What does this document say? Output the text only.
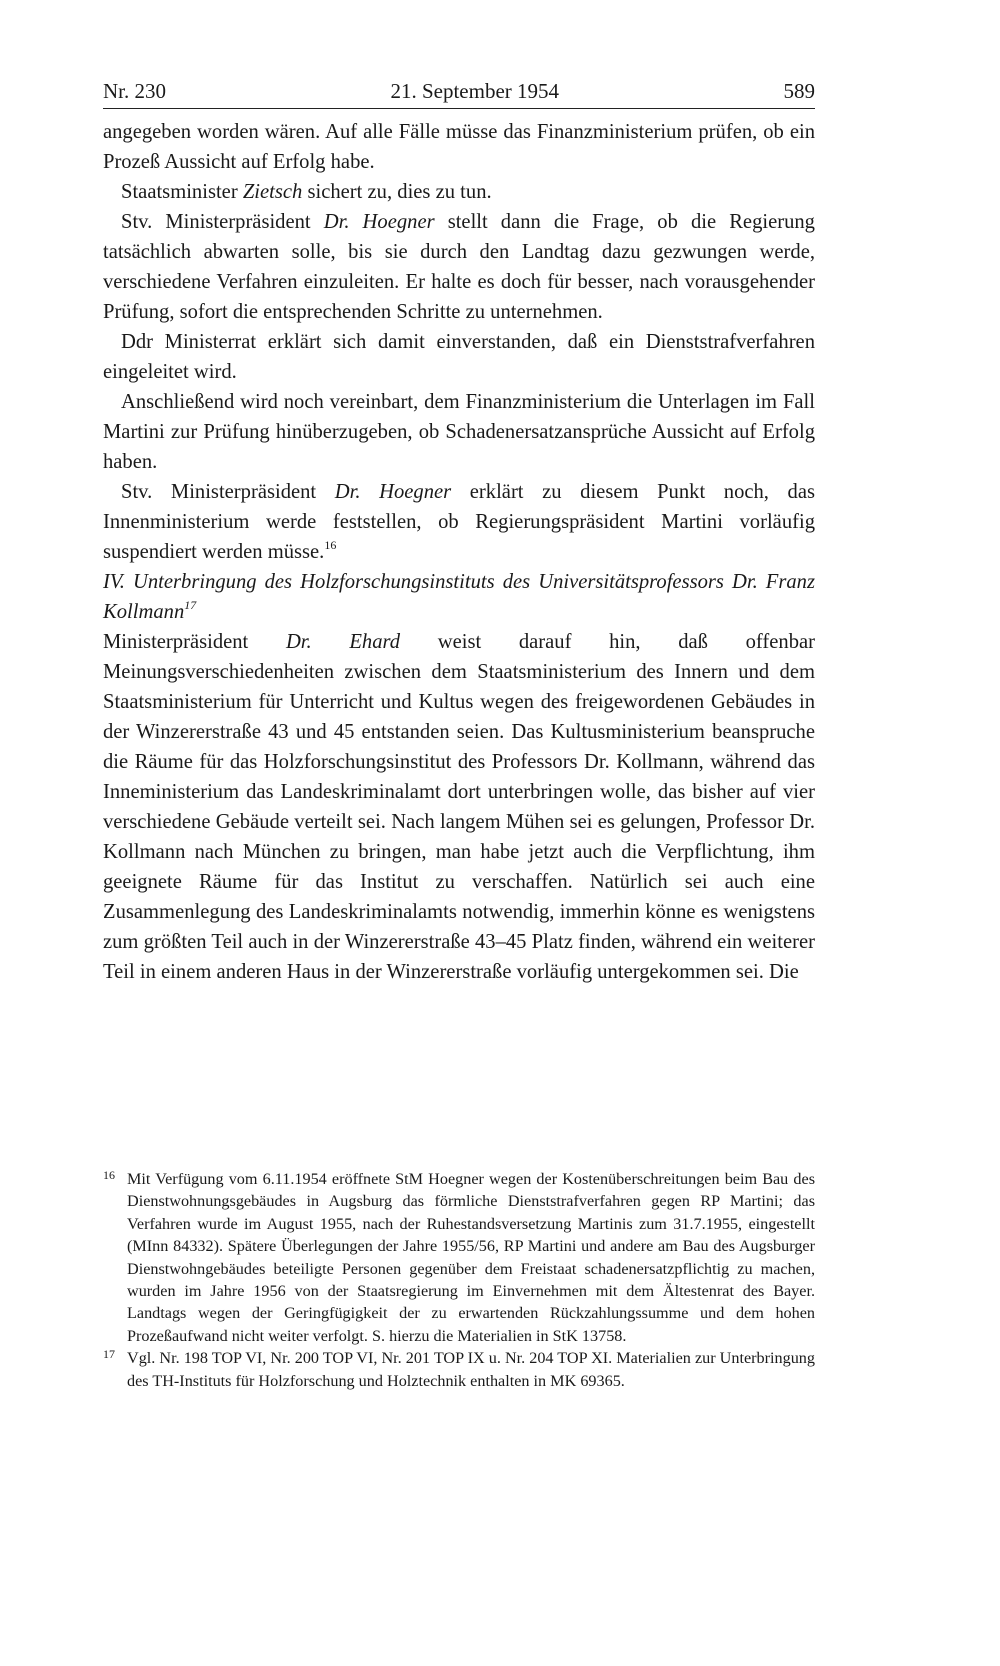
Nr. 230	21. September 1954	589

angegeben worden wären. Auf alle Fälle müsse das Finanzministerium prüfen, ob ein Prozeß Aussicht auf Erfolg habe.

Staatsminister Zietsch sichert zu, dies zu tun.

Stv. Ministerpräsident Dr. Hoegner stellt dann die Frage, ob die Regierung tatsächlich abwarten solle, bis sie durch den Landtag dazu gezwungen werde, verschiedene Verfahren einzuleiten. Er halte es doch für besser, nach vorausgehender Prüfung, sofort die entsprechenden Schritte zu unternehmen.

Ddr Ministerrat erklärt sich damit einverstanden, daß ein Dienststrafverfahren eingeleitet wird.

Anschließend wird noch vereinbart, dem Finanzministerium die Unterlagen im Fall Martini zur Prüfung hinüberzugeben, ob Schadenersatzansprüche Aussicht auf Erfolg haben.

Stv. Ministerpräsident Dr. Hoegner erklärt zu diesem Punkt noch, das Innenministerium werde feststellen, ob Regierungspräsident Martini vorläufig suspendiert werden müsse.$^{16}$

IV. Unterbringung des Holzforschungsinstituts des Universitätsprofessors Dr. Franz Kollmann$^{17}$

Ministerpräsident Dr. Ehard weist darauf hin, daß offenbar Meinungsverschiedenheiten zwischen dem Staatsministerium des Innern und dem Staatsministerium für Unterricht und Kultus wegen des freigewordenen Gebäudes in der Winzererstraße 43 und 45 entstanden seien. Das Kultusministerium beanspruche die Räume für das Holzforschungsinstitut des Professors Dr. Kollmann, während das Inneministerium das Landeskriminalamt dort unterbringen wolle, das bisher auf vier verschiedene Gebäude verteilt sei. Nach langem Mühen sei es gelungen, Professor Dr. Kollmann nach München zu bringen, man habe jetzt auch die Verpflichtung, ihm geeignete Räume für das Institut zu verschaffen. Natürlich sei auch eine Zusammenlegung des Landeskriminalamts notwendig, immerhin könne es wenigstens zum größten Teil auch in der Winzererstraße 43–45 Platz finden, während ein weiterer Teil in einem anderen Haus in der Winzererstraße vorläufig untergekommen sei. Die

16 Mit Verfügung vom 6.11.1954 eröffnete StM Hoegner wegen der Kostenüberschreitungen beim Bau des Dienstwohnungsgebäudes in Augsburg das förmliche Dienststrafverfahren gegen RP Martini; das Verfahren wurde im August 1955, nach der Ruhestandsversetzung Martinis zum 31.7.1955, eingestellt (MInn 84332). Spätere Überlegungen der Jahre 1955/56, RP Martini und andere am Bau des Augsburger Dienstwohngebäudes beteiligte Personen gegenüber dem Freistaat schadenersatzpflichtig zu machen, wurden im Jahre 1956 von der Staatsregierung im Einvernehmen mit dem Ältestenrat des Bayer. Landtags wegen der Geringfügigkeit der zu erwartenden Rückzahlungssumme und dem hohen Prozeßaufwand nicht weiter verfolgt. S. hierzu die Materialien in StK 13758.

17 Vgl. Nr. 198 TOP VI, Nr. 200 TOP VI, Nr. 201 TOP IX u. Nr. 204 TOP XI. Materialien zur Unterbringung des TH-Instituts für Holzforschung und Holztechnik enthalten in MK 69365.
